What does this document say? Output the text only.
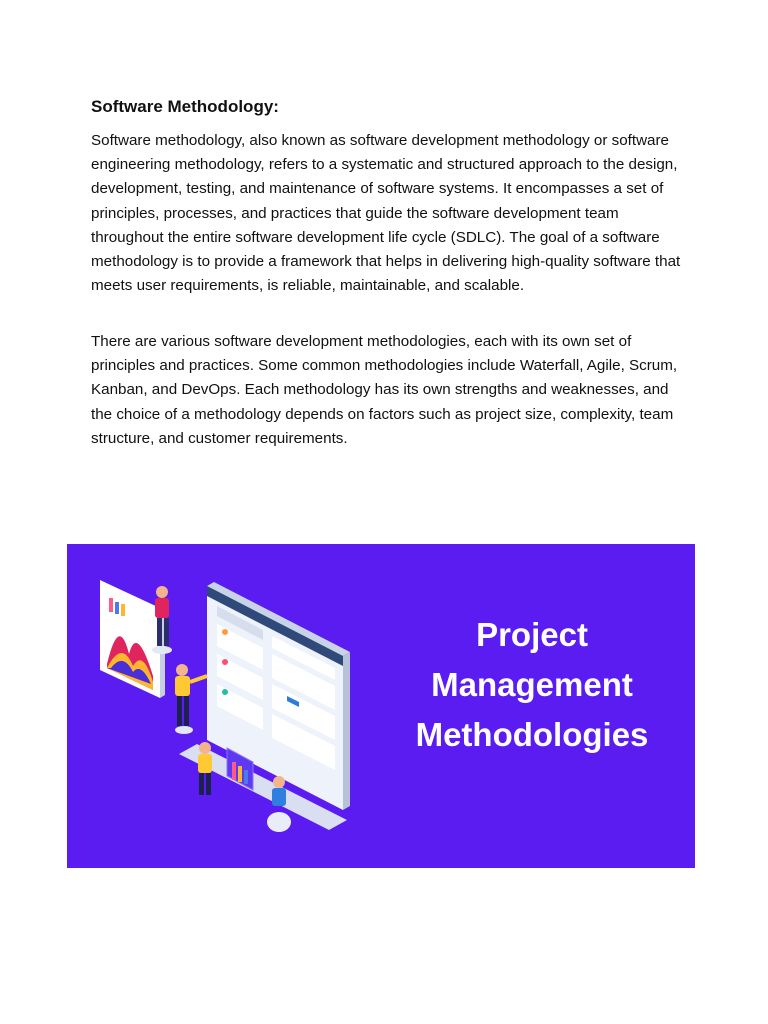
Software Methodology:

Software methodology, also known as software development methodology or software engineering methodology, refers to a systematic and structured approach to the design, development, testing, and maintenance of software systems. It encompasses a set of principles, processes, and practices that guide the software development team throughout the entire software development life cycle (SDLC). The goal of a software methodology is to provide a framework that helps in delivering high-quality software that meets user requirements, is reliable, maintainable, and scalable.

There are various software development methodologies, each with its own set of principles and practices. Some common methodologies include Waterfall, Agile, Scrum, Kanban, and DevOps. Each methodology has its own strengths and weaknesses, and the choice of a methodology depends on factors such as project size, complexity, team structure, and customer requirements.

Project
Management
Methodologies
